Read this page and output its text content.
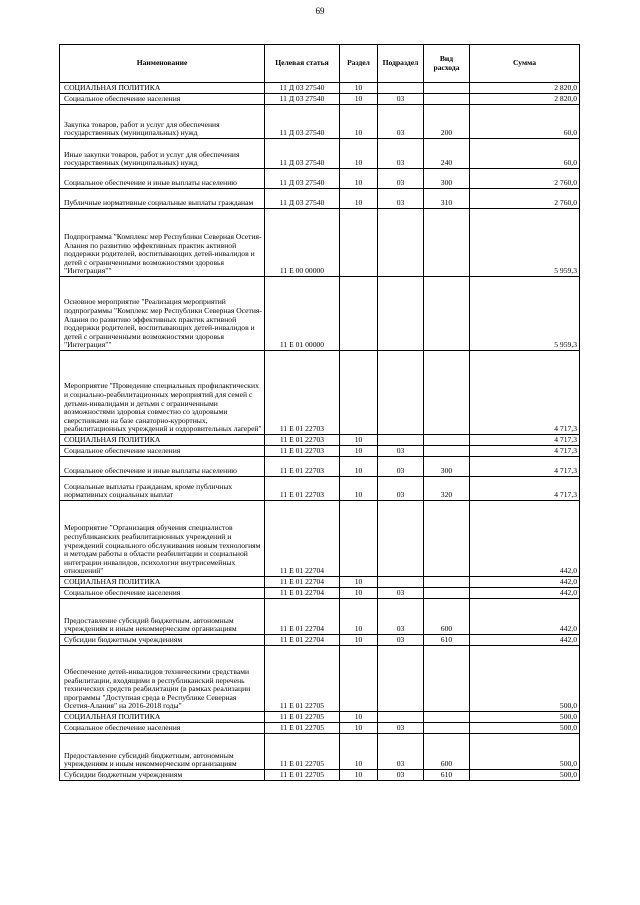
69
Наименование	Целевая статья	Раздел	Подраздел	Вид расхода	Сумма
СОЦИАЛЬНАЯ ПОЛИТИКА	11 Д 03 27540	10			2 820,0
Социальное обеспечение населения	11 Д 03 27540	10	03		2 820,0
Закупка товаров, работ и услуг для обеспечения государственных (муниципальных) нужд	11 Д 03 27540	10	03	200	60,0
Иные закупки товаров, работ и услуг для обеспечения государственных (муниципальных) нужд	11 Д 03 27540	10	03	240	60,0
Социальное обеспечение и иные выплаты населению	11 Д 03 27540	10	03	300	2 760,0
Публичные нормативные социальные выплаты гражданам	11 Д 03 27540	10	03	310	2 760,0
Подпрограмма "Комплекс мер Республики Северная Осетия-Алания по развитию эффективных практик активной поддержки родителей, воспитывающих детей-инвалидов и детей с ограниченными возможностями здоровья "Интеграция""	11 Е 00 00000				5 959,3
Основное мероприятие "Реализация мероприятий подпрограммы "Комплекс мер Республики Северная Осетия-Алания по развитию эффективных практик активной поддержки родителей, воспитывающих детей-инвалидов и детей с ограниченными возможностями здоровья "Интеграция""	11 Е 01 00000				5 959,3
Мероприятие "Проведение специальных профилактических и социально-реабилитационных мероприятий для семей с детьми-инвалидами и детьми с ограниченными возможностями здоровья совместно со здоровыми сверстниками на базе санаторно-курортных, реабилитационных учреждений и оздоровительных лагерей"	11 Е 01 22703				4 717,3
СОЦИАЛЬНАЯ ПОЛИТИКА	11 Е 01 22703	10			4 717,3
Социальное обеспечение населения	11 Е 01 22703	10	03		4 717,3
Социальное обеспечение и иные выплаты населению	11 Е 01 22703	10	03	300	4 717,3
Социальные выплаты гражданам, кроме публичных нормативных социальных выплат	11 Е 01 22703	10	03	320	4 717,3
Мероприятие "Организация обучения специалистов республиканских реабилитационных учреждений и учреждений социального обслуживания новым технологиям и методам работы в области реабилитации и социальной интеграции инвалидов, психологии внутрисемейных отношений"	11 Е 01 22704				442,0
СОЦИАЛЬНАЯ ПОЛИТИКА	11 Е 01 22704	10			442,0
Социальное обеспечение населения	11 Е 01 22704	10	03		442,0
Предоставление субсидий бюджетным, автономным учреждениям и иным некоммерческим организациям	11 Е 01 22704	10	03	600	442,0
Субсидии бюджетным учреждениям	11 Е 01 22704	10	03	610	442,0
Обеспечение детей-инвалидов техническими средствами реабилитации, входящими в республиканский перечень технических средств реабилитации (в рамках реализации программы "Доступная среда в Республике Северная Осетия-Алания" на 2016-2018 годы"	11 Е 01 22705				500,0
СОЦИАЛЬНАЯ ПОЛИТИКА	11 Е 01 22705	10			500,0
Социальное обеспечение населения	11 Е 01 22705	10	03		500,0
Предоставление субсидий бюджетным, автономным учреждениям и иным некоммерческим организациям	11 Е 01 22705	10	03	600	500,0
Субсидии бюджетным учреждениям	11 Е 01 22705	10	03	610	500,0
